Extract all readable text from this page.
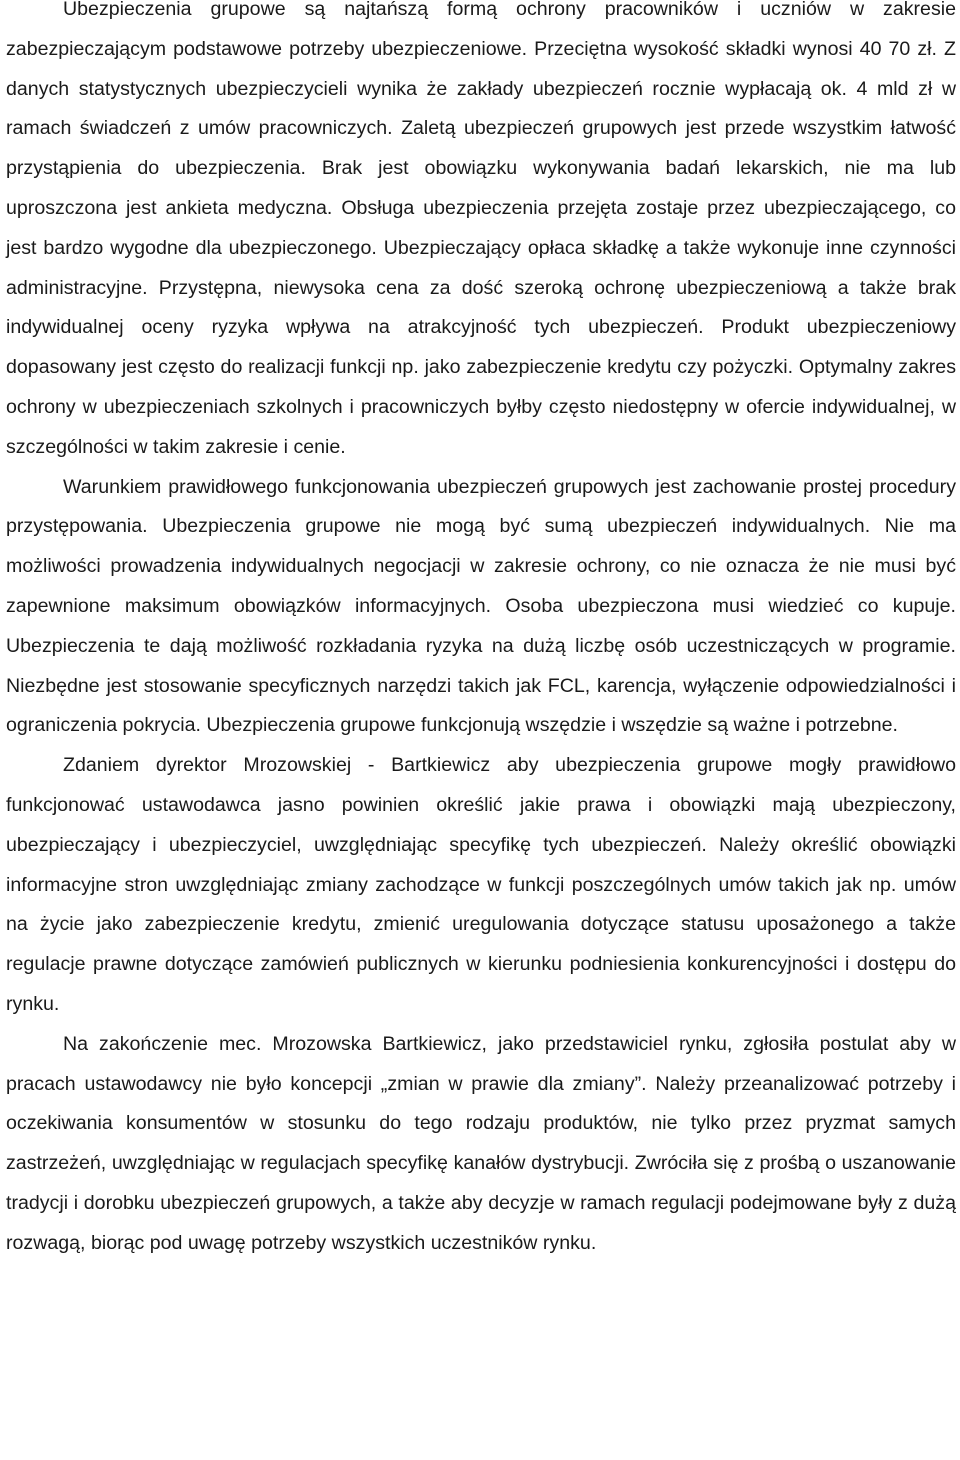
Ubezpieczenia grupowe są najtańszą formą ochrony pracowników i uczniów w zakresie zabezpieczającym podstawowe potrzeby ubezpieczeniowe. Przeciętna wysokość składki wynosi 40 70 zł. Z danych statystycznych ubezpieczycieli wynika że zakłady ubezpieczeń rocznie wypłacają ok. 4 mld zł w ramach świadczeń z umów pracowniczych. Zaletą ubezpieczeń grupowych jest przede wszystkim łatwość przystąpienia do ubezpieczenia. Brak jest obowiązku wykonywania badań lekarskich, nie ma lub uproszczona jest ankieta medyczna. Obsługa ubezpieczenia przejęta zostaje przez ubezpieczającego, co jest bardzo wygodne dla ubezpieczonego. Ubezpieczający opłaca składkę a także wykonuje inne czynności administracyjne. Przystępna, niewysoka cena za dość szeroką ochronę ubezpieczeniową a także brak indywidualnej oceny ryzyka wpływa na atrakcyjność tych ubezpieczeń. Produkt ubezpieczeniowy dopasowany jest często do realizacji funkcji np. jako zabezpieczenie kredytu czy pożyczki. Optymalny zakres ochrony w ubezpieczeniach szkolnych i pracowniczych byłby często niedostępny w ofercie indywidualnej, w szczególności w takim zakresie i cenie.

Warunkiem prawidłowego funkcjonowania ubezpieczeń grupowych jest zachowanie prostej procedury przystępowania. Ubezpieczenia grupowe nie mogą być sumą ubezpieczeń indywidualnych. Nie ma możliwości prowadzenia indywidualnych negocjacji w zakresie ochrony, co nie oznacza że nie musi być zapewnione maksimum obowiązków informacyjnych. Osoba ubezpieczona musi wiedzieć co kupuje. Ubezpieczenia te dają możliwość rozkładania ryzyka na dużą liczbę osób uczestniczących w programie. Niezbędne jest stosowanie specyficznych narzędzi takich jak FCL, karencja, wyłączenie odpowiedzialności i ograniczenia pokrycia. Ubezpieczenia grupowe funkcjonują wszędzie i wszędzie są ważne i potrzebne.

Zdaniem dyrektor Mrozowskiej - Bartkiewicz aby ubezpieczenia grupowe mogły prawidłowo funkcjonować ustawodawca jasno powinien określić jakie prawa i obowiązki mają ubezpieczony, ubezpieczający i ubezpieczyciel, uwzględniając specyfikę tych ubezpieczeń. Należy określić obowiązki informacyjne stron uwzględniając zmiany zachodzące w funkcji poszczególnych umów takich jak np. umów na życie jako zabezpieczenie kredytu, zmienić uregulowania dotyczące statusu uposażonego a także regulacje prawne dotyczące zamówień publicznych w kierunku podniesienia konkurencyjności i dostępu do rynku.

Na zakończenie mec. Mrozowska Bartkiewicz, jako przedstawiciel rynku, zgłosiła postulat aby w pracach ustawodawcy nie było koncepcji „zmian w prawie dla zmiany”. Należy przeanalizować potrzeby i oczekiwania konsumentów w stosunku do tego rodzaju produktów, nie tylko przez pryzmat samych zastrzeżeń, uwzględniając w regulacjach specyfikę kanałów dystrybucji. Zwróciła się z prośbą o uszanowanie tradycji i dorobku ubezpieczeń grupowych, a także aby decyzje w ramach regulacji podejmowane były z dużą rozwagą, biorąc pod uwagę potrzeby wszystkich uczestników rynku.
